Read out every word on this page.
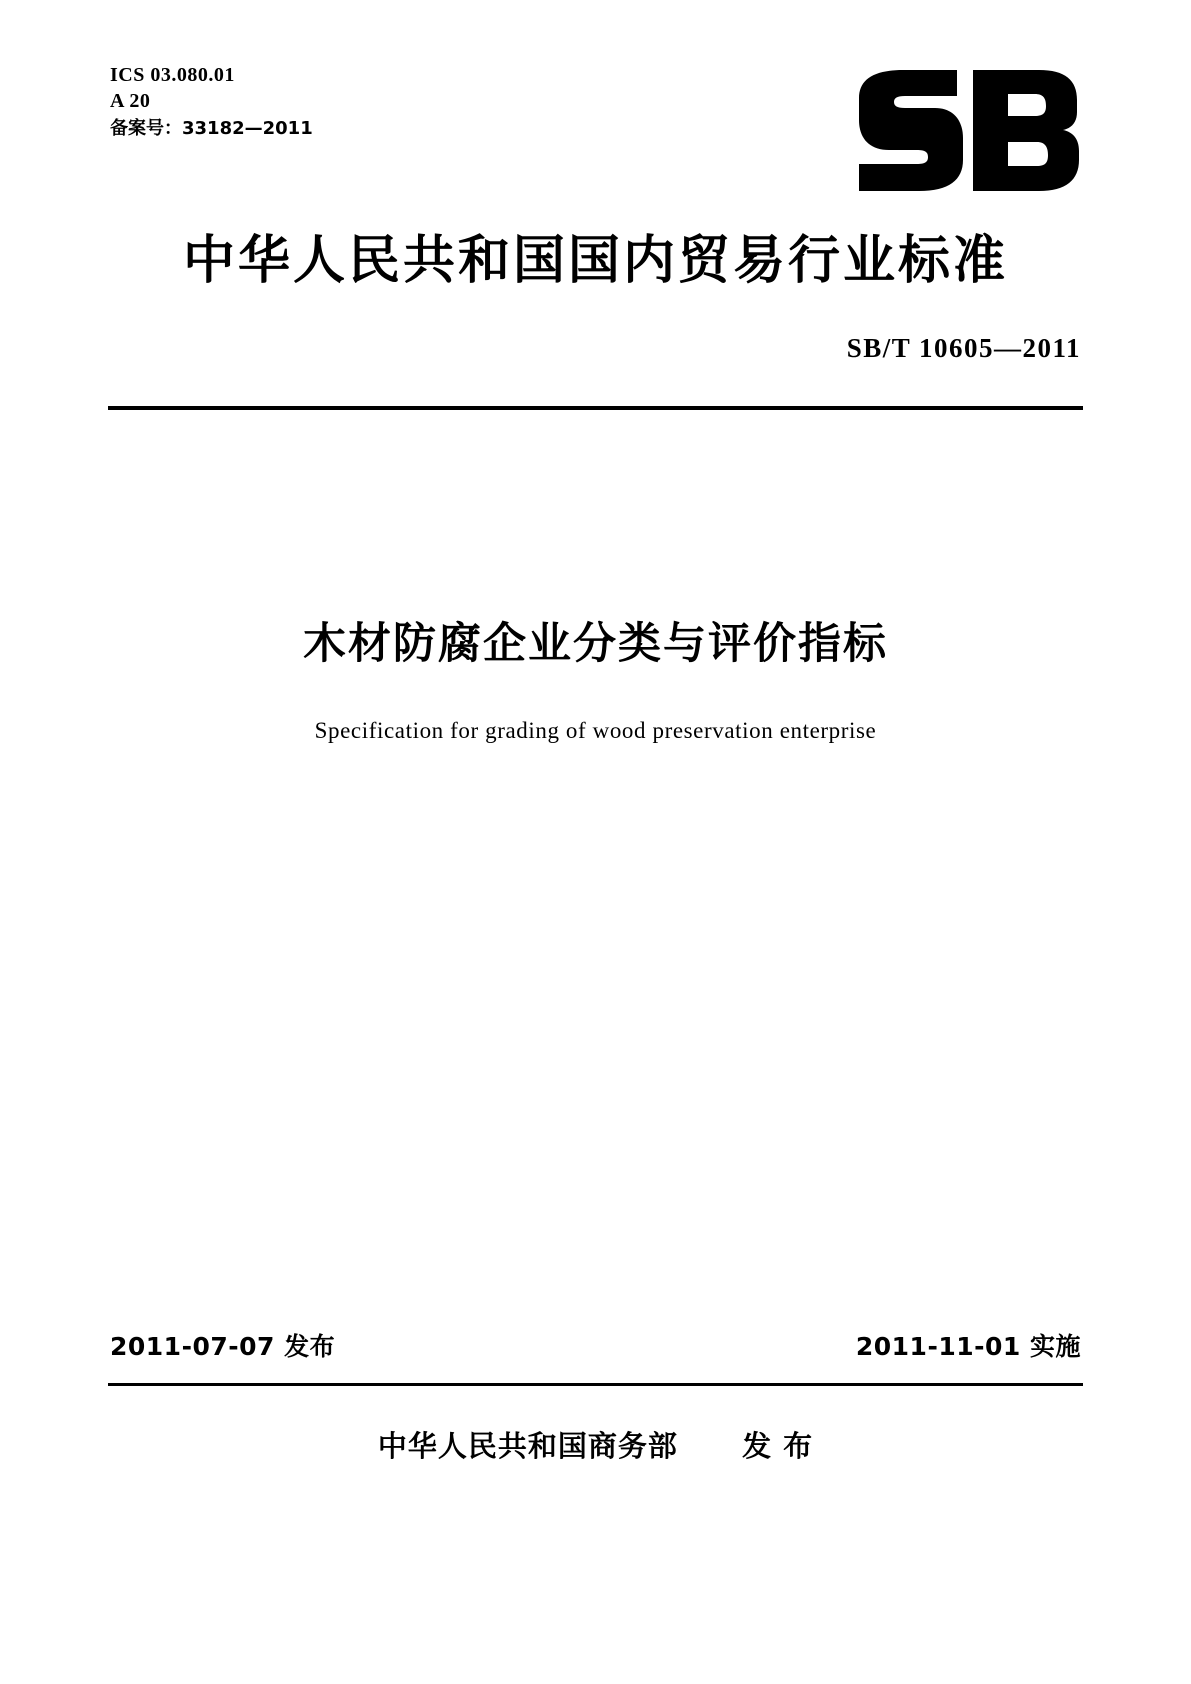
ICS 03.080.01
A 20
备案号：33182—2011
中华人民共和国国内贸易行业标准
SB/T 10605—2011
木材防腐企业分类与评价指标
Specification for grading of wood preservation enterprise
2011-07-07 发布	2011-11-01 实施
中华人民共和国商务部 发 布
